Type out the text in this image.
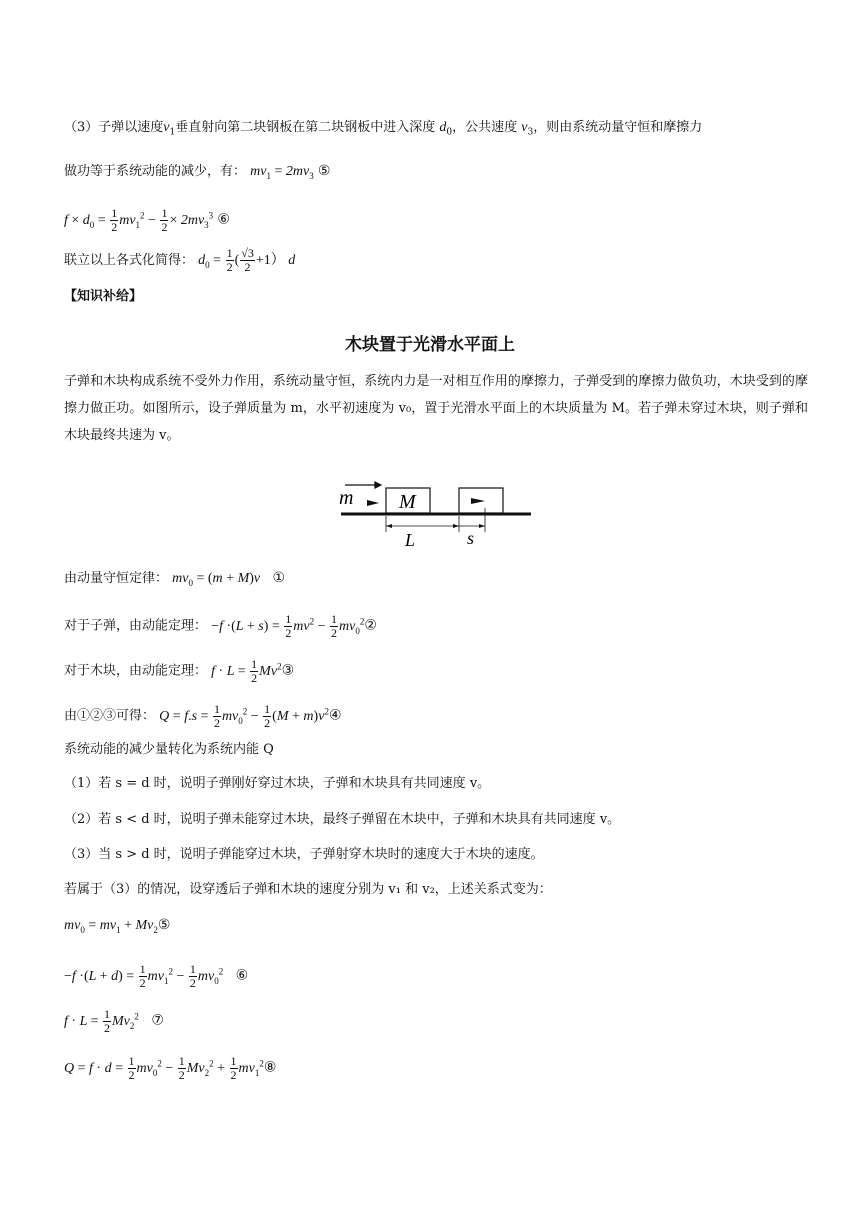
（3）子弹以速度$v_1$垂直射向第二块钢板在第二块钢板中进入深度 $d_0$，公共速度 $v_3$，则由系统动量守恒和摩擦力
做功等于系统动能的减少，有： $mv_1 = 2mv_3$ ⑤
$f \times d_0 = \frac{1}{2} mv_1^2 - \frac{1}{2} \times 2mv_3^3$ ⑥
联立以上各式化简得： $d_0 = \frac{1}{2}$ ( $\frac{√3}{2} +1$） d
【知识补给】
木块置于光滑水平面上
子弹和木块构成系统不受外力作用，系统动量守恒，系统内力是一对相互作用的摩擦力，子弹受到的摩擦力做负功，木块受到的摩擦力做正功。如图所示，设子弹质量为 m，水平初速度为 v₀，置于光滑水平面上的木块质量为 M。若子弹未穿过木块，则子弹和木块最终共速为 v。
m M
L	s
由动量守恒定律： $mv_0 = (m + M)v$ ①
对于子弹，由动能定理： $-f \cdot(L + s) = \frac{1}{2} mv^2 - \frac{1}{2}$ $mv_0^2②$
对于木块，由动能定理： $f \cdot L = \frac{1}{2}$ Mv$^2$③
由①②③可得： $Q = f.s = \frac{1}{2} mv_0^2 - \frac{1}{2} (M$ + $m)v^2④$
系统动能的减少量转化为系统内能 Q
（1）若 s = d 时，说明子弹刚好穿过木块，子弹和木块具有共同速度 v。
（2）若 s < d 时，说明子弹未能穿过木块，最终子弹留在木块中，子弹和木块具有共同速度 v。
（3）当 s > d 时，说明子弹能穿过木块，子弹射穿木块时的速度大于木块的速度。
若属于（3）的情况，设穿透后子弹和木块的速度分别为 v₁ 和 v₂，上述关系式变为：
$mv_0 = mv_1$ + $Mv_2⑤$
$-f \cdot(L + d) = \frac{1}{2} mv_1^2 - \frac{1}{2} mv_0^2$ ⑥
$f \cdot L = \frac{1}{2} Mv_2^2$ ⑦
$Q = f \cdot d = \frac{1}{2} mv_0^2 - \frac{1}{2} Mv_2^2 + \frac{1}{2}$ $mv_1^2⑧$
